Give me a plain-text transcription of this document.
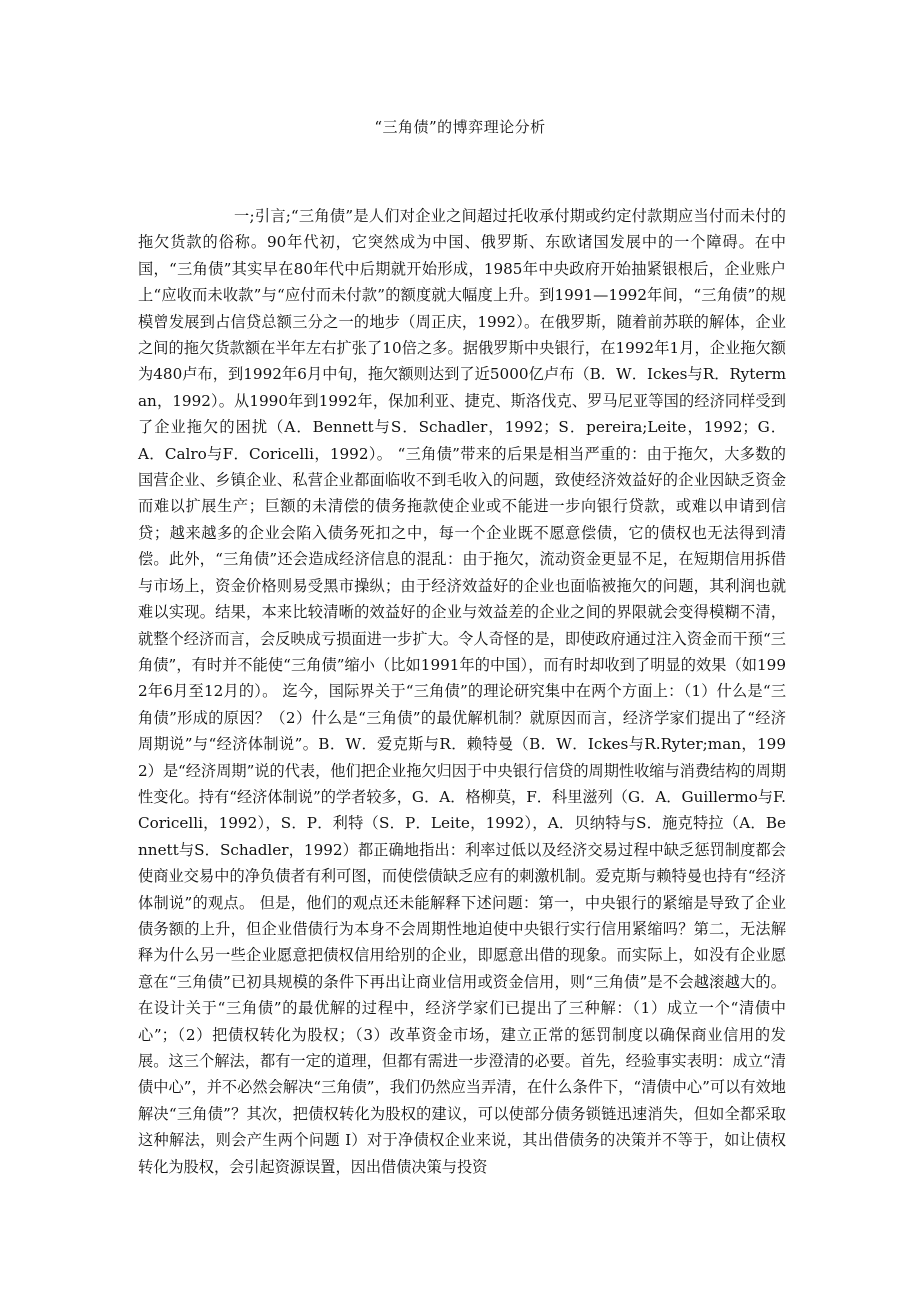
“三角债”的博弈理论分析

一;引言;“三角债”是人们对企业之间超过托收承付期或约定付款期应当付而未付的拖欠货款的俗称。90年代初，它突然成为中国、俄罗斯、东欧诸国发展中的一个障碍。在中国，“三角债”其实早在80年代中后期就开始形成，1985年中央政府开始抽紧银根后，企业账户上“应收而未收款”与“应付而未付款”的额度就大幅度上升。到1991—1992年间，“三角债”的规模曾发展到占信贷总额三分之一的地步（周正庆，1992）。在俄罗斯，随着前苏联的解体，企业之间的拖欠货款额在半年左右扩张了10倍之多。据俄罗斯中央银行，在1992年1月，企业拖欠额为480卢布，到1992年6月中旬，拖欠额则达到了近5000亿卢布（B．W．Ickes与R．Ryterman，1992）。从1990年到1992年，保加利亚、捷克、斯洛伐克、罗马尼亚等国的经济同样受到了企业拖欠的困扰（A．Bennett与S．Schadler，1992；S．pereira;Leite，1992；G．A．Calro与F．Coricelli，1992）。 “三角债”带来的后果是相当严重的：由于拖欠，大多数的国营企业、乡镇企业、私营企业都面临收不到毛收入的问题，致使经济效益好的企业因缺乏资金而难以扩展生产；巨额的未清偿的债务拖款使企业或不能进一步向银行贷款，或难以申请到信贷；越来越多的企业会陷入债务死扣之中，每一个企业既不愿意偿债，它的债权也无法得到清偿。此外，“三角债”还会造成经济信息的混乱：由于拖欠，流动资金更显不足，在短期信用拆借与市场上，资金价格则易受黑市操纵；由于经济效益好的企业也面临被拖欠的问题，其利润也就难以实现。结果，本来比较清晰的效益好的企业与效益差的企业之间的界限就会变得模糊不清，就整个经济而言，会反映成亏损面进一步扩大。令人奇怪的是，即使政府通过注入资金而干预“三角债”，有时并不能使“三角债”缩小（比如1991年的中国），而有时却收到了明显的效果（如1992年6月至12月的）。 迄今，国际界关于“三角债”的理论研究集中在两个方面上：（1）什么是“三角债”形成的原因？（2）什么是“三角债”的最优解机制？就原因而言，经济学家们提出了“经济周期说”与“经济体制说”。B．W．爱克斯与R．赖特曼（B．W．Ickes与R.Ryter;man，1992）是“经济周期”说的代表，他们把企业拖欠归因于中央银行信贷的周期性收缩与消费结构的周期性变化。持有“经济体制说”的学者较多，G．A．格柳莫，F．科里滋列（G．A．Guillermo与F.Coricelli，1992），S．P．利特（S．P．Leite，1992），A．贝纳特与S．施克特拉（A．Bennett与S．Schadler，1992）都正确地指出：利率过低以及经济交易过程中缺乏惩罚制度都会使商业交易中的净负债者有利可图，而使偿债缺乏应有的刺激机制。爱克斯与赖特曼也持有“经济体制说”的观点。 但是，他们的观点还未能解释下述问题：第一，中央银行的紧缩是导致了企业债务额的上升，但企业借债行为本身不会周期性地迫使中央银行实行信用紧缩吗？第二，无法解释为什么另一些企业愿意把债权信用给别的企业，即愿意出借的现象。而实际上，如没有企业愿意在“三角债”已初具规模的条件下再出让商业信用或资金信用，则“三角债”是不会越滚越大的。 在设计关于“三角债”的最优解的过程中，经济学家们已提出了三种解：（1）成立一个“清债中心”；（2）把债权转化为股权；（3）改革资金市场，建立正常的惩罚制度以确保商业信用的发展。这三个解法，都有一定的道理，但都有需进一步澄清的必要。首先，经验事实表明：成立“清债中心”，并不必然会解决“三角债”，我们仍然应当弄清，在什么条件下，“清债中心”可以有效地解决“三角债”？其次，把债权转化为股权的建议，可以使部分债务锁链迅速消失，但如全都采取这种解法，则会产生两个问题 Ⅰ）对于净债权企业来说，其出借债务的决策并不等于，如让债权转化为股权，会引起资源误置，因出借债决策与投资
